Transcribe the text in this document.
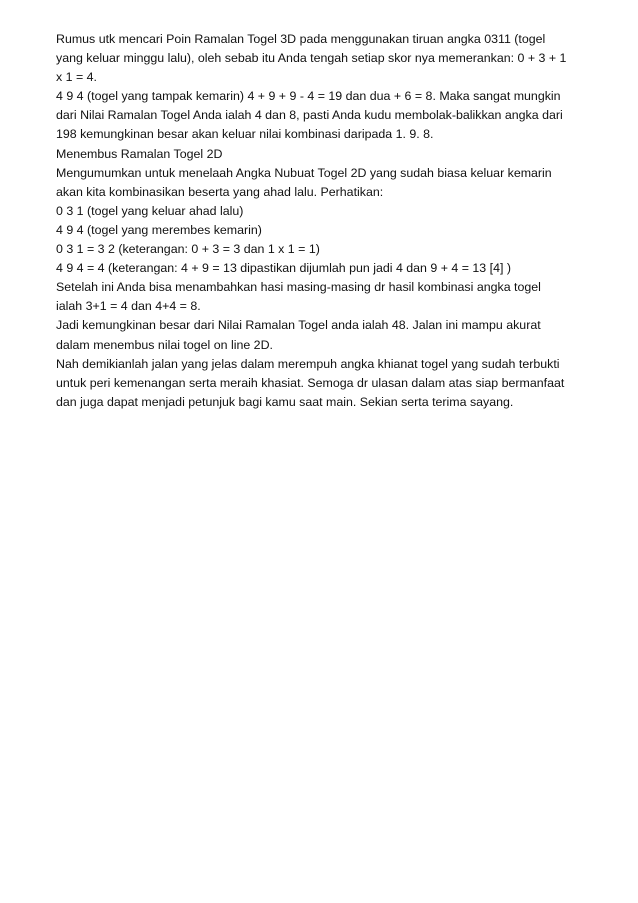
Rumus utk mencari Poin Ramalan Togel 3D pada menggunakan tiruan angka 0311 (togel

yang keluar minggu lalu), oleh sebab itu Anda tengah setiap skor nya memerankan: 0 + 3 + 1

x 1 = 4.

4 9 4 (togel yang tampak kemarin) 4 + 9 + 9 - 4 = 19 dan dua + 6 = 8. Maka sangat mungkin

dari Nilai Ramalan Togel Anda ialah 4 dan 8, pasti Anda kudu membolak-balikkan angka dari

198 kemungkinan besar akan keluar nilai kombinasi daripada 1. 9. 8.

Menembus Ramalan Togel 2D

Mengumumkan untuk menelaah Angka Nubuat Togel 2D yang sudah biasa keluar kemarin

akan kita kombinasikan beserta yang ahad lalu. Perhatikan:

0 3 1 (togel yang keluar ahad lalu)

4 9 4 (togel yang merembes kemarin)

0 3 1 = 3 2 (keterangan: 0 + 3 = 3 dan 1 x 1 = 1)

4 9 4 = 4 (keterangan: 4 + 9 = 13 dipastikan dijumlah pun jadi 4 dan 9 + 4 = 13 [4] )

Setelah ini Anda bisa menambahkan hasi masing-masing dr hasil kombinasi angka togel

ialah 3+1 = 4 dan 4+4 = 8.

Jadi kemungkinan besar dari Nilai Ramalan Togel anda ialah 48. Jalan ini mampu akurat

dalam menembus nilai togel on line 2D.

Nah demikianlah jalan yang jelas dalam merempuh angka khianat togel yang sudah terbukti

untuk peri kemenangan serta meraih khasiat. Semoga dr ulasan dalam atas siap bermanfaat

dan juga dapat menjadi petunjuk bagi kamu saat main. Sekian serta terima sayang.
